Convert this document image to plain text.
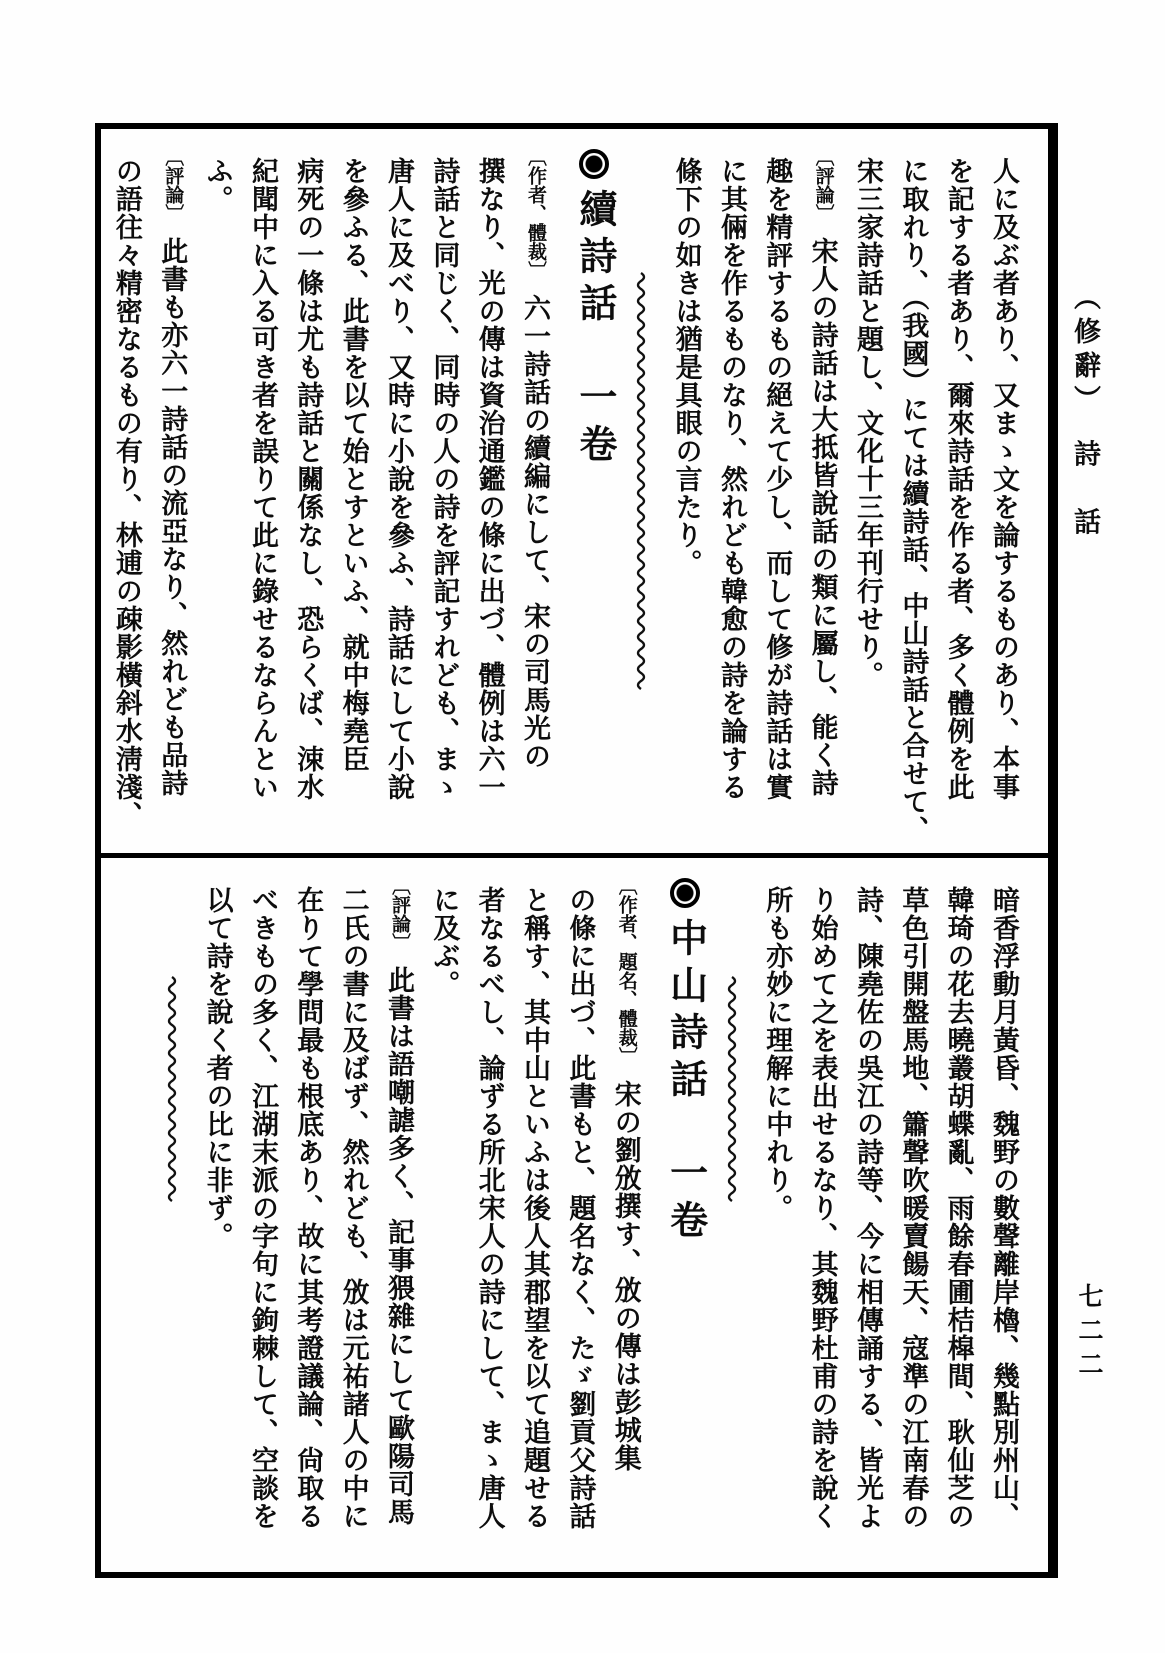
（修辭）　詩　話
七二二
人に及ぶ者あり、又まゝ文を論するものあり、本事
を記する者あり、爾來詩話を作る者、多く體例を此
に取れり、（我國）にては續詩話、中山詩話と合せて、
宋三家詩話と題し、文化十三年刊行せり。
〔評論〕宋人の詩話は大抵皆說話の類に屬し、能く詩
趣を精評するもの絕えて少し、而して修が詩話は實
に其倆を作るものなり、然れども韓愈の詩を論する
條下の如きは猶是具眼の言たり。
續詩話　一卷
〔作者、體裁〕六一詩話の續編にして、宋の司馬光の
撰なり、光の傳は資治通鑑の條に出づ、體例は六一
詩話と同じく、同時の人の詩を評記すれども、まゝ
唐人に及べり、又時に小說を參ふ、詩話にして小說
を參ふる、此書を以て始とすといふ、就中梅堯臣
病死の一條は尤も詩話と關係なし、恐らくば、涑水
紀聞中に入る可き者を誤りて此に錄せるならんとい
ふ。
〔評論〕此書も亦六一詩話の流亞なり、然れども品詩
の語往々精密なるもの有り、林逋の疎影橫斜水淸淺、
暗香浮動月黃昏、魏野の數聲離岸櫓、幾點別州山、
韓琦の花去曉叢胡蝶亂、雨餘春圃桔槹間、耿仙芝の
草色引開盤馬地、簫聲吹暖賣餳天、寇準の江南春の
詩、陳堯佐の吳江の詩等、今に相傳誦する、皆光よ
り始めて之を表出せるなり、其魏野杜甫の詩を說く
所も亦妙に理解に中れり。
中山詩話　一卷
〔作者、題名、體裁〕宋の劉攽撰す、攽の傳は彭城集
の條に出づ、此書もと、題名なく、たゞ劉貢父詩話
と稱す、其中山といふは後人其郡望を以て追題せる
者なるべし、論ずる所北宋人の詩にして、まゝ唐人
に及ぶ。
〔評論〕此書は語嘲謔多く、記事猥雜にして歐陽司馬
二氏の書に及ばず、然れども、攽は元祐諸人の中に
在りて學問最も根底あり、故に其考證議論、尙取る
べきもの多く、江湖末派の字句に鉤棘して、空談を
以て詩を說く者の比に非ず。
